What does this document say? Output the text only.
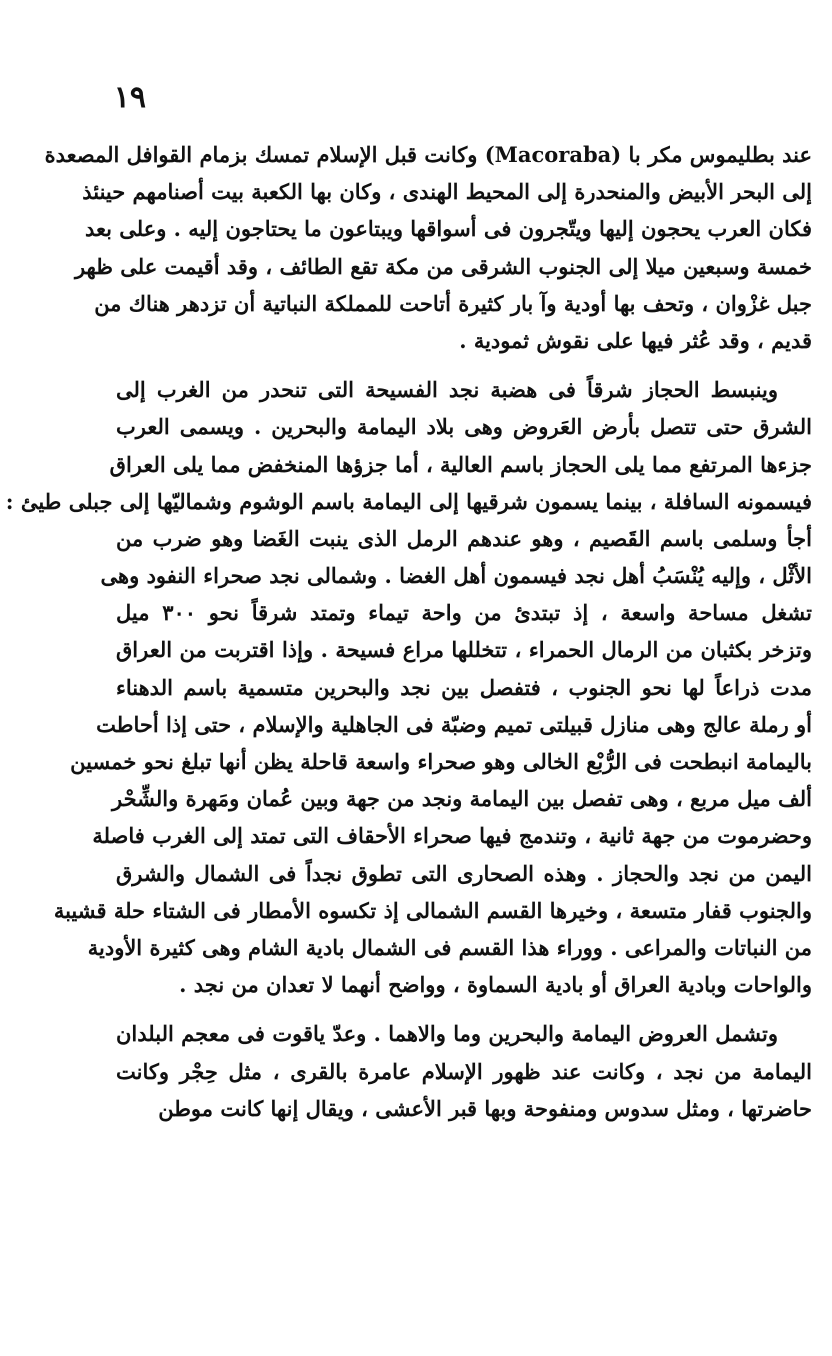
١٩
عند بطليموس مكر با (Macoraba) وكانت قبل الإسلام تمسك بزمام القوافل المصعدة
إلى البحر الأبيض والمنحدرة إلى المحيط الهندى ، وكان بها الكعبة بيت أصنامهم حينئذ
فكان العرب يحجون إليها ويتّجرون فى أسواقها ويبتاعون ما يحتاجون إليه . وعلى بعد
خمسة وسبعين ميلا إلى الجنوب الشرقى من مكة تقع الطائف ، وقد أقيمت على ظهر
جبل غزْوان ، وتحف بها أودية وآ بار كثيرة أتاحت للمملكة النباتية أن تزدهر هناك من
قديم ، وقد عُثر فيها على نقوش ثمودية .
وينبسط الحجاز شرقاً فى هضبة نجد الفسيحة التى تنحدر من الغرب إلى
الشرق حتى تتصل بأرض العَروض وهى بلاد اليمامة والبحرين . ويسمى العرب
جزءها المرتفع مما يلى الحجاز باسم العالية ، أما جزؤها المنخفض مما يلى العراق
فيسمونه السافلة ، بينما يسمون شرقيها إلى اليمامة باسم الوشوم وشماليّها إلى جبلى طيئ :
أجأ وسلمى باسم القَصيم ، وهو عندهم الرمل الذى ينبت الغَضا وهو ضرب من
الأثْل ، وإليه يُنْسَبُ أهل نجد فيسمون أهل الغضا . وشمالى نجد صحراء النفود وهى
تشغل مساحة واسعة ، إذ تبتدئ من واحة تيماء وتمتد شرقاً نحو ٣٠٠ ميل
وتزخر بكثبان من الرمال الحمراء ، تتخللها مراع فسيحة . وإذا اقتربت من العراق
مدت ذراعاً لها نحو الجنوب ، فتفصل بين نجد والبحرين متسمية باسم الدهناء
أو رملة عالج وهى منازل قبيلتى تميم وضبّة فى الجاهلية والإسلام ، حتى إذا أحاطت
باليمامة انبطحت فى الرُّبْع الخالى وهو صحراء واسعة قاحلة يظن أنها تبلغ نحو خمسين
ألف ميل مربع ، وهى تفصل بين اليمامة ونجد من جهة وبين عُمان ومَهرة والشِّحْر
وحضرموت من جهة ثانية ، وتندمج فيها صحراء الأحقاف التى تمتد إلى الغرب فاصلة
اليمن من نجد والحجاز . وهذه الصحارى التى تطوق نجداً فى الشمال والشرق
والجنوب قفار متسعة ، وخيرها القسم الشمالى إذ تكسوه الأمطار فى الشتاء حلة قشيبة
من النباتات والمراعى . ووراء هذا القسم فى الشمال بادية الشام وهى كثيرة الأودية
والواحات وبادية العراق أو بادية السماوة ، وواضح أنهما لا تعدان من نجد .
وتشمل العروض اليمامة والبحرين وما والاهما . وعدّ ياقوت فى معجم البلدان
اليمامة من نجد ، وكانت عند ظهور الإسلام عامرة بالقرى ، مثل حِجْر وكانت
حاضرتها ، ومثل سدوس ومنفوحة وبها قبر الأعشى ، ويقال إنها كانت موطن
